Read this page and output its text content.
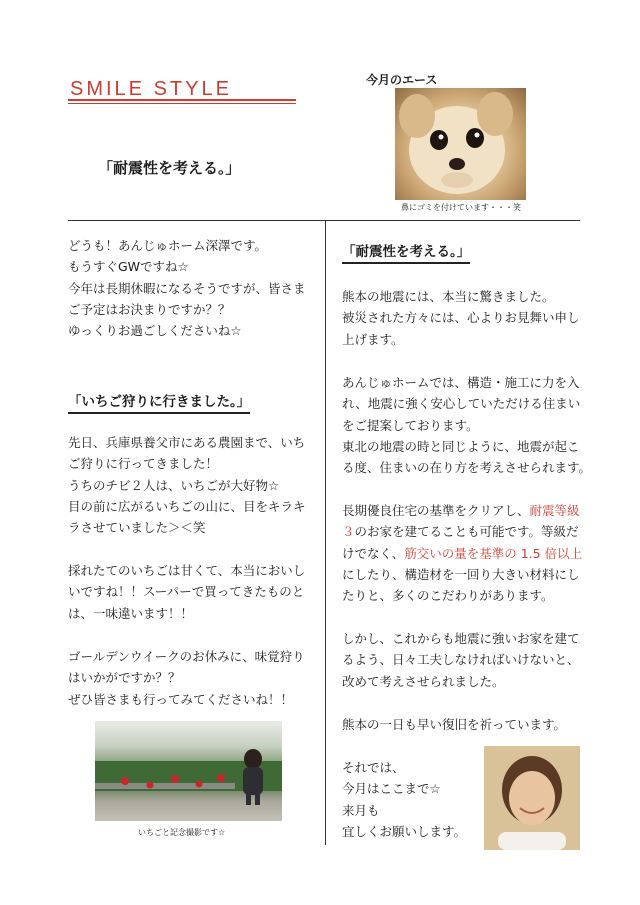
SMILE STYLE
「耐震性を考える。」
今月のエース
鼻にゴミを付けています・・・笑
どうも！あんじゅホーム深澤です。
もうすぐGWですね☆
今年は長期休暇になるそうですが、皆さま
ご予定はお決まりですか？？
ゆっくりお過ごしくださいね☆
「いちご狩りに行きました。」
先日、兵庫県養父市にある農園まで、いち
ご狩りに行ってきました！
うちのチビ２人は、いちごが大好物☆
目の前に広がるいちごの山に、目をキラキ
ラさせていました＞＜笑
採れたてのいちごは甘くて、本当においし
いですね！！スーパーで買ってきたものと
は、一味違います！！
ゴールデンウイークのお休みに、味覚狩り
はいかがですか？？
ぜひ皆さまも行ってみてくださいね！！
いちごと記念撮影です☆
「耐震性を考える。」
熊本の地震には、本当に驚きました。
被災された方々には、心よりお見舞い申し
上げます。
あんじゅホームでは、構造・施工に力を入
れ、地震に強く安心していただける住まい
をご提案しております。
東北の地震の時と同じように、地震が起こ
る度、住まいの在り方を考えさせられます。
長期優良住宅の基準をクリアし、耐震等級
３のお家を建てることも可能です。等級だ
けでなく、筋交いの量を基準の 1.5 倍以上
にしたり、構造材を一回り大きい材料にし
たりと、多くのこだわりがあります。
しかし、これからも地震に強いお家を建て
るよう、日々工夫しなければいけないと、
改めて考えさせられました。
熊本の一日も早い復旧を祈っています。
それでは、
今月はここまで☆
来月も
宜しくお願いします。
